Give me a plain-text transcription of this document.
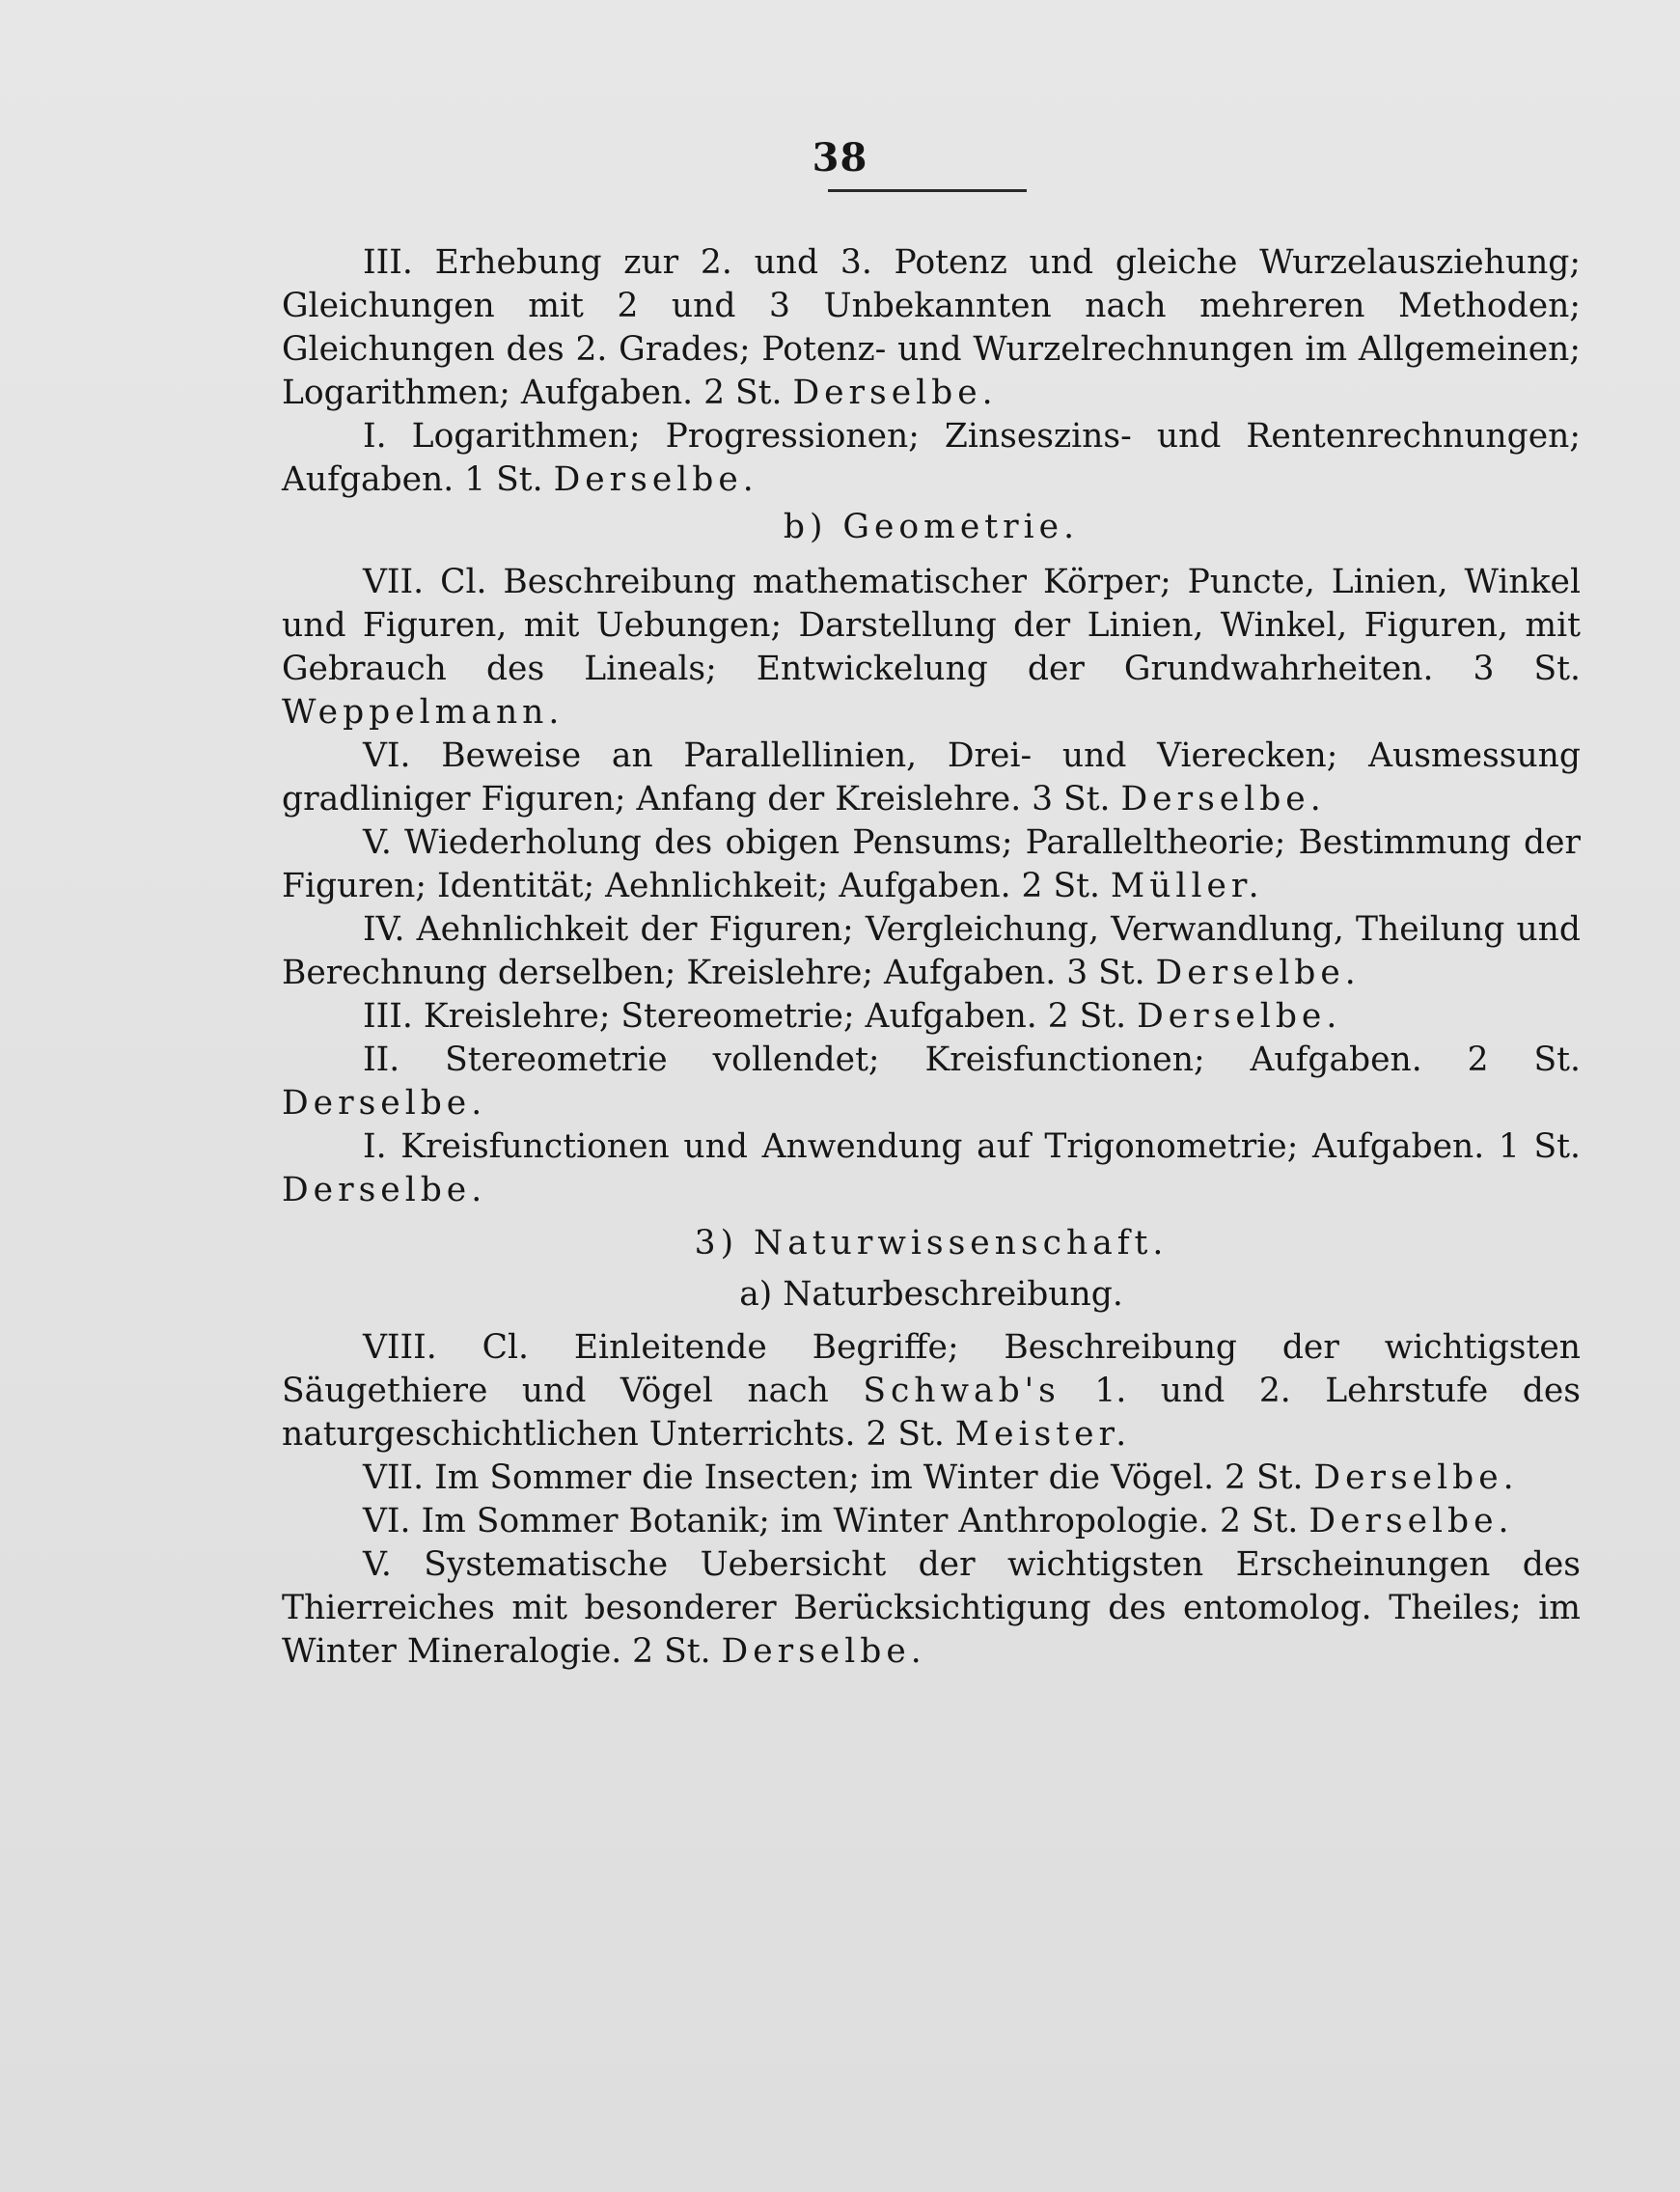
38

III. Erhebung zur 2. und 3. Potenz und gleiche Wurzelausziehung; Gleichungen mit 2 und 3 Unbekannten nach mehreren Methoden; Gleichungen des 2. Grades; Potenz- und Wurzelrechnungen im Allgemeinen; Logarithmen; Aufgaben. 2 St. Derselbe.

I. Logarithmen; Progressionen; Zinseszins- und Rentenrechnungen; Aufgaben. 1 St. Derselbe.

b) Geometrie.

VII. Cl. Beschreibung mathematischer Körper; Puncte, Linien, Winkel und Figuren, mit Uebungen; Darstellung der Linien, Winkel, Figuren, mit Gebrauch des Lineals; Entwickelung der Grundwahrheiten. 3 St. Weppelmann.

VI. Beweise an Parallellinien, Drei- und Vierecken; Ausmessung gradliniger Figuren; Anfang der Kreislehre. 3 St. Derselbe.

V. Wiederholung des obigen Pensums; Paralleltheorie; Bestimmung der Figuren; Identität; Aehnlichkeit; Aufgaben. 2 St. Müller.

IV. Aehnlichkeit der Figuren; Vergleichung, Verwandlung, Theilung und Berechnung derselben; Kreislehre; Aufgaben. 3 St. Derselbe.

III. Kreislehre; Stereometrie; Aufgaben. 2 St. Derselbe.

II. Stereometrie vollendet; Kreisfunctionen; Aufgaben. 2 St. Derselbe.

I. Kreisfunctionen und Anwendung auf Trigonometrie; Aufgaben. 1 St. Derselbe.

3) Naturwissenschaft.

a) Naturbeschreibung.

VIII. Cl. Einleitende Begriffe; Beschreibung der wichtigsten Säugethiere und Vögel nach Schwab's 1. und 2. Lehrstufe des naturgeschichtlichen Unterrichts. 2 St. Meister.

VII. Im Sommer die Insecten; im Winter die Vögel. 2 St. Derselbe.

VI. Im Sommer Botanik; im Winter Anthropologie. 2 St. Derselbe.

V. Systematische Uebersicht der wichtigsten Erscheinungen des Thierreiches mit besonderer Berücksichtigung des entomolog. Theiles; im Winter Mineralogie. 2 St. Derselbe.
